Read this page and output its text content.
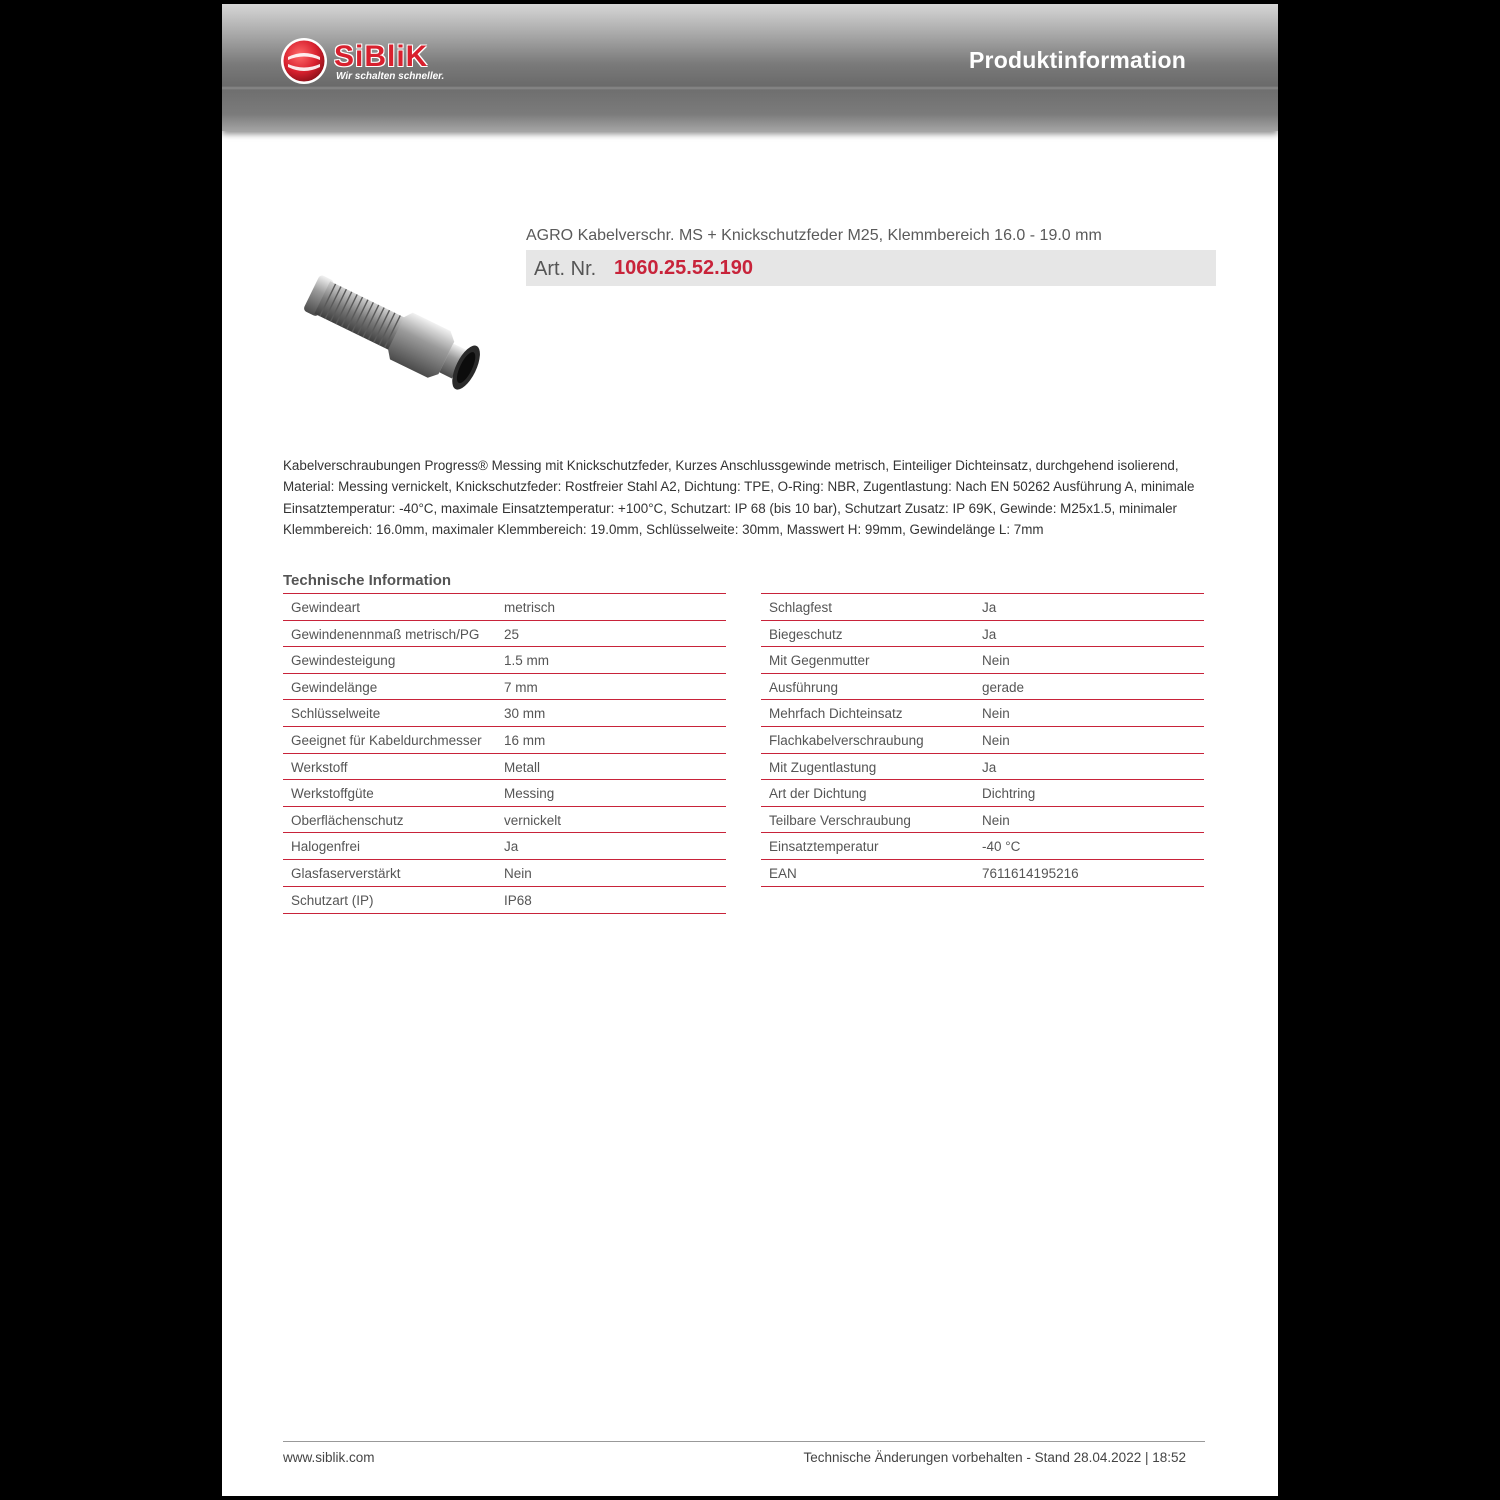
SiBliK
Wir schalten schneller.
Produktinformation
AGRO Kabelverschr. MS + Knickschutzfeder M25, Klemmbereich 16.0 - 19.0 mm
Art. Nr. 1060.25.52.190
Kabelverschraubungen Progress® Messing mit Knickschutzfeder, Kurzes Anschlussgewinde metrisch, Einteiliger Dichteinsatz, durchgehend isolierend, Material: Messing vernickelt, Knickschutzfeder: Rostfreier Stahl A2, Dichtung: TPE, O-Ring: NBR, Zugentlastung: Nach EN 50262 Ausführung A, minimale Einsatztemperatur: -40°C, maximale Einsatztemperatur: +100°C, Schutzart: IP 68 (bis 10 bar), Schutzart Zusatz: IP 69K, Gewinde: M25x1.5, minimaler Klemmbereich: 16.0mm, maximaler Klemmbereich: 19.0mm, Schlüsselweite: 30mm, Masswert H: 99mm, Gewindelänge L: 7mm
Technische Information
Gewindeart	metrisch
Gewindenennmaß metrisch/PG 25
Gewindesteigung	1.5 mm
Gewindelänge	7 mm
Schlüsselweite	30 mm
Geeignet für Kabeldurchmesser 16 mm
Werkstoff	Metall
Werkstoffgüte	Messing
Oberflächenschutz	vernickelt
Halogenfrei	Ja
Glasfaserverstärkt	Nein
Schutzart (IP)	IP68
Schlagfest	Ja
Biegeschutz	Ja
Mit Gegenmutter	Nein
Ausführung	gerade
Mehrfach Dichteinsatz	Nein
Flachkabelverschraubung	Nein
Mit Zugentlastung	Ja
Art der Dichtung	Dichtring
Teilbare Verschraubung	Nein
Einsatztemperatur	-40 °C
EAN	7611614195216
www.siblik.com	Technische Änderungen vorbehalten - Stand 28.04.2022 | 18:52
